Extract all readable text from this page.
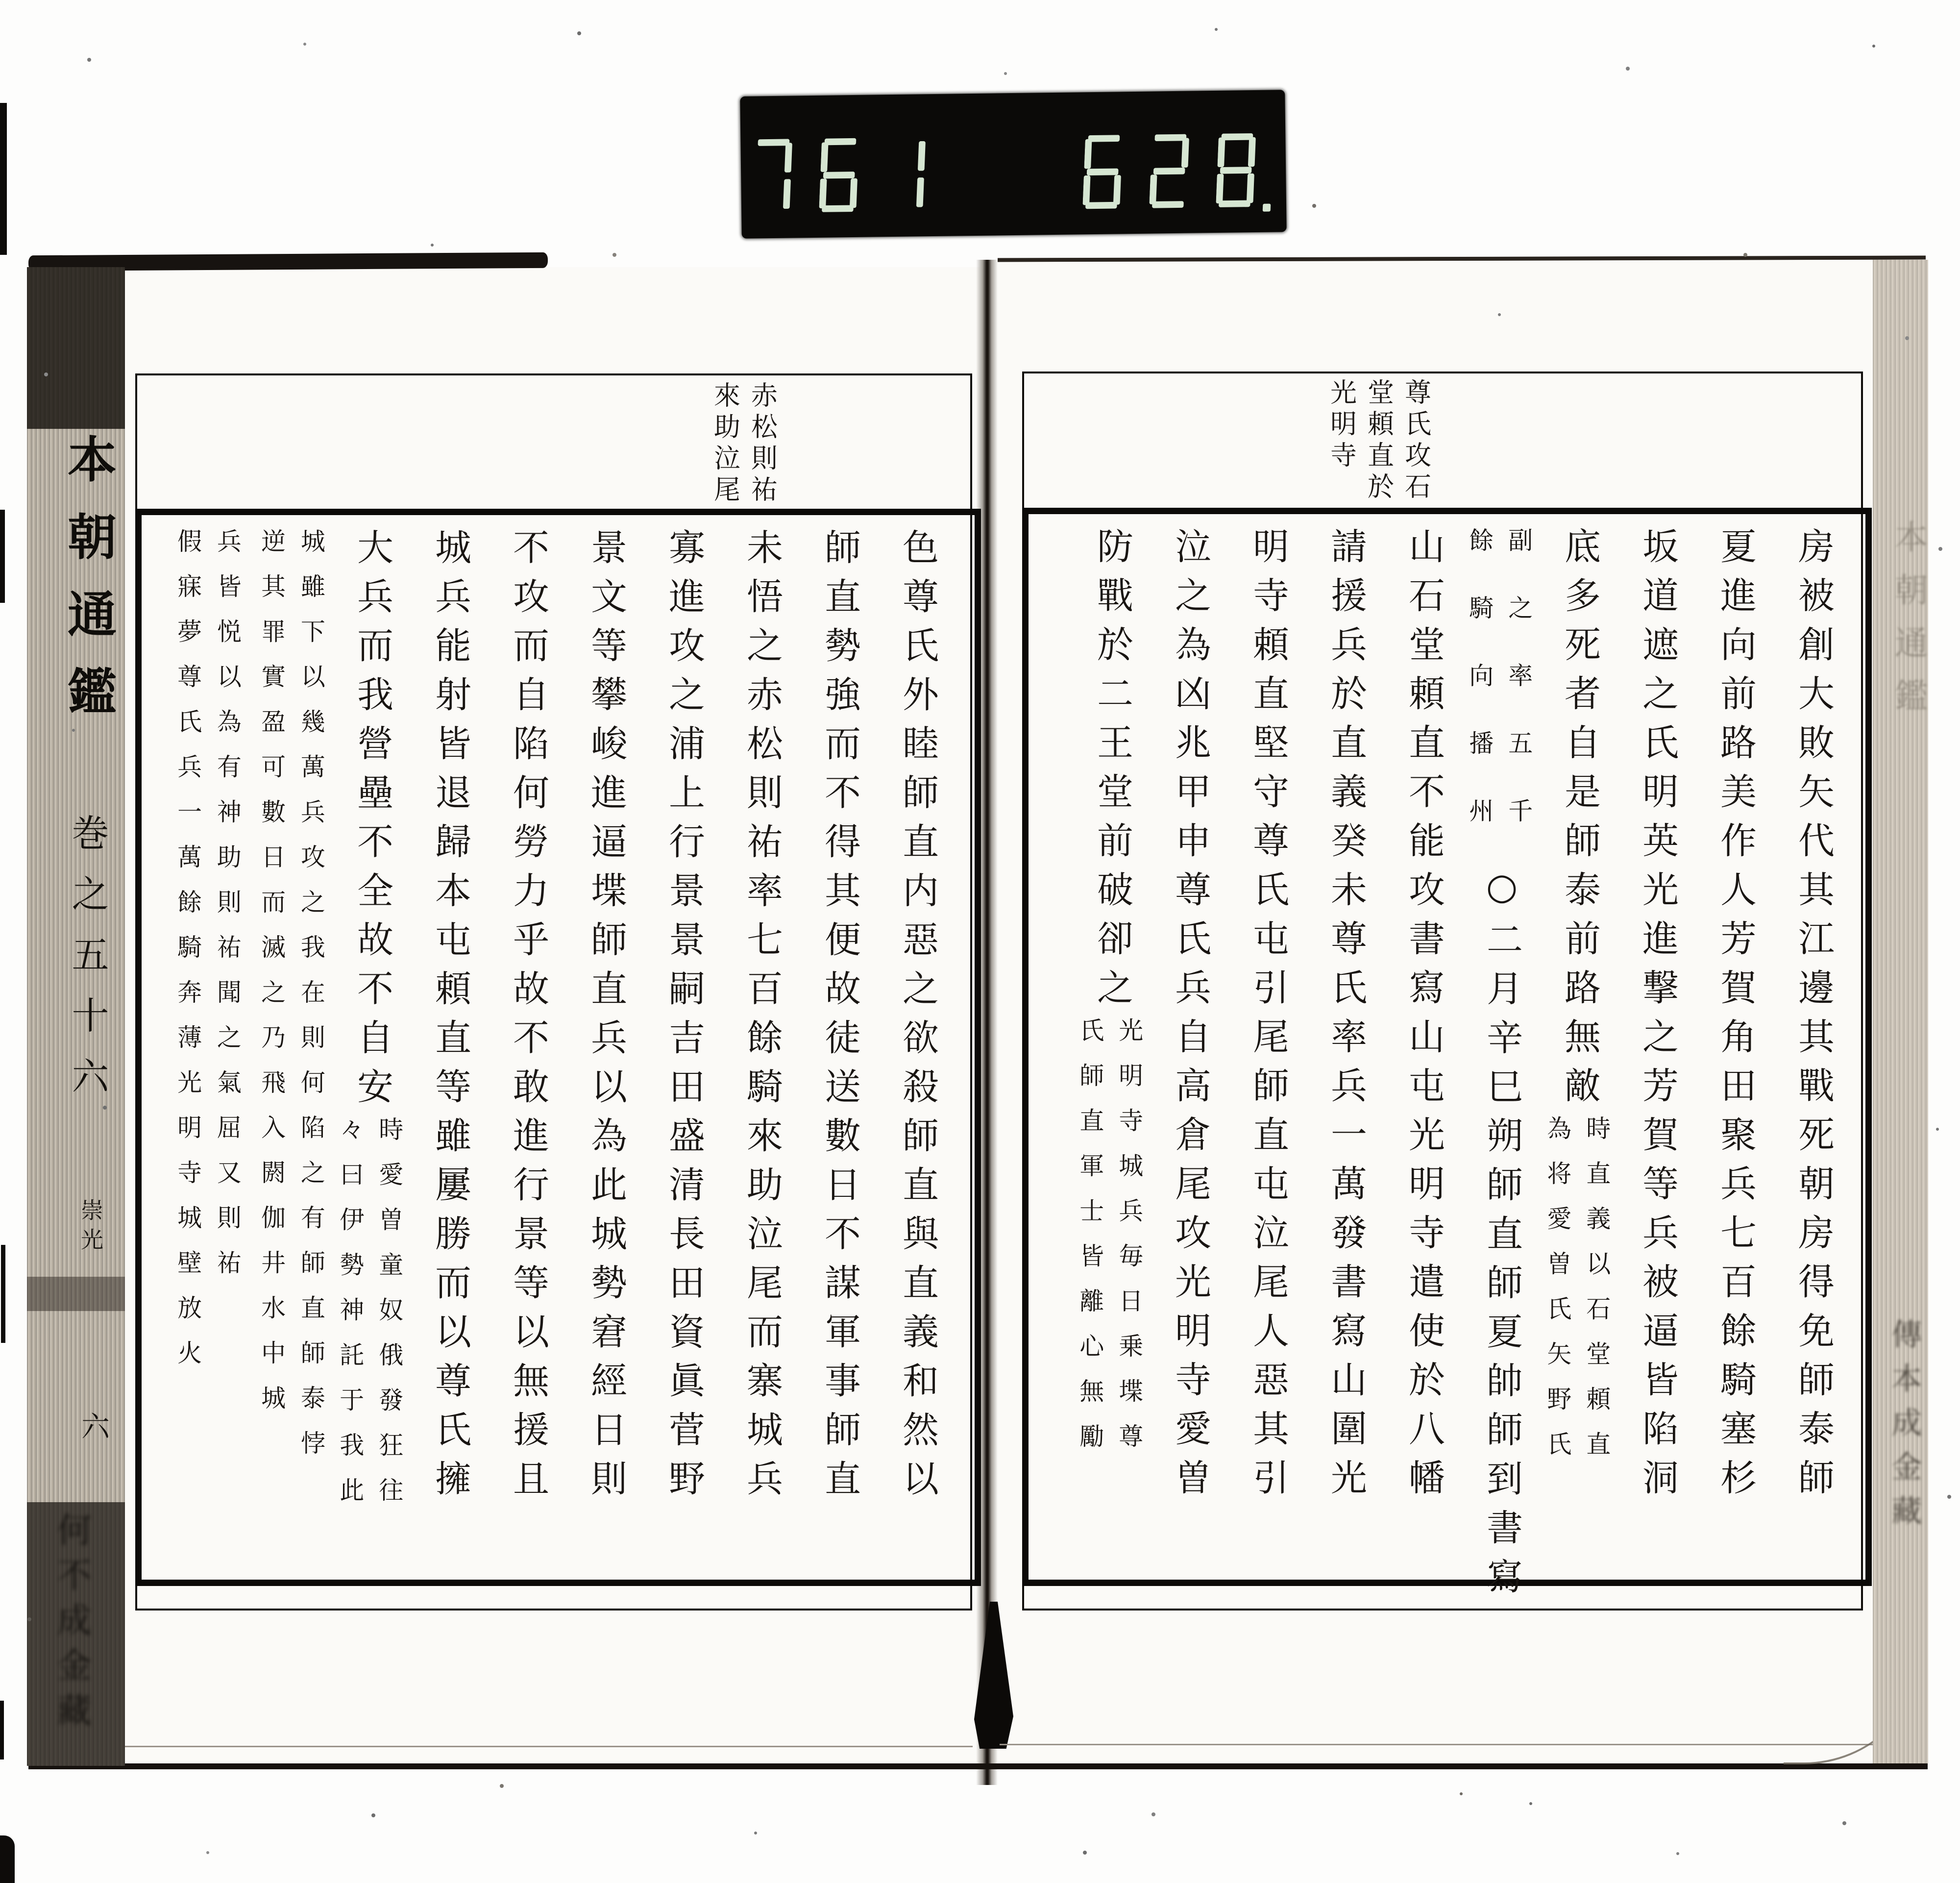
本朝通鑑
巻之五十六
崇光
六
何不成金藏
本朝通鑑
傳本成金藏
尊氏攻石
堂頼直於
光明寺
赤松則祐
來助泣尾
房被創大敗矢代其江邊其戰死朝房得免師泰師
夏進向前路美作人芳賀角田聚兵七百餘騎塞杉
坂道遮之氏明英光進撃之芳賀等兵被逼皆陷洞
底多死者自是師泰前路無敵
時直義以石堂頼直
為将愛曽氏矢野氏
副之率五千
餘騎向播州
○二月辛巳朔師直師夏帥師到書寫
山石堂頼直不能攻書寫山屯光明寺遣使於八幡
請援兵於直義癸未尊氏率兵一萬發書寫山圍光
明寺頼直堅守尊氏屯引尾師直屯泣尾人惡其引
泣之為凶兆甲申尊氏兵自高倉尾攻光明寺愛曽
防戰於二王堂前破卻之
光明寺城兵毎日乗堞尊
氏師直軍士皆離心無勵
色尊氏外睦師直内惡之欲殺師直與直義和然以
師直勢強而不得其便故徒送數日不謀軍事師直
未悟之赤松則祐率七百餘騎來助泣尾而寨城兵
寡進攻之浦上行景景嗣吉田盛清長田資眞菅野
景文等攀峻進逼堞師直兵以為此城勢窘經日則
不攻而自陷何勞力乎故不敢進行景等以無援且
城兵能射皆退歸本屯頼直等雖屢勝而以尊氏擁
大兵而我營壘不全故不自安
時愛曽童奴俄發狂往
々曰伊勢神託于我此
城雖下以幾萬兵攻之我在則何陷之有師直師泰悖
逆其罪實盈可數日而滅之乃飛入閼伽井水中城
兵皆悦以為有神助則祐聞之氣屈又則祐
假寐夢尊氏兵一萬餘騎奔薄光明寺城壁放火
